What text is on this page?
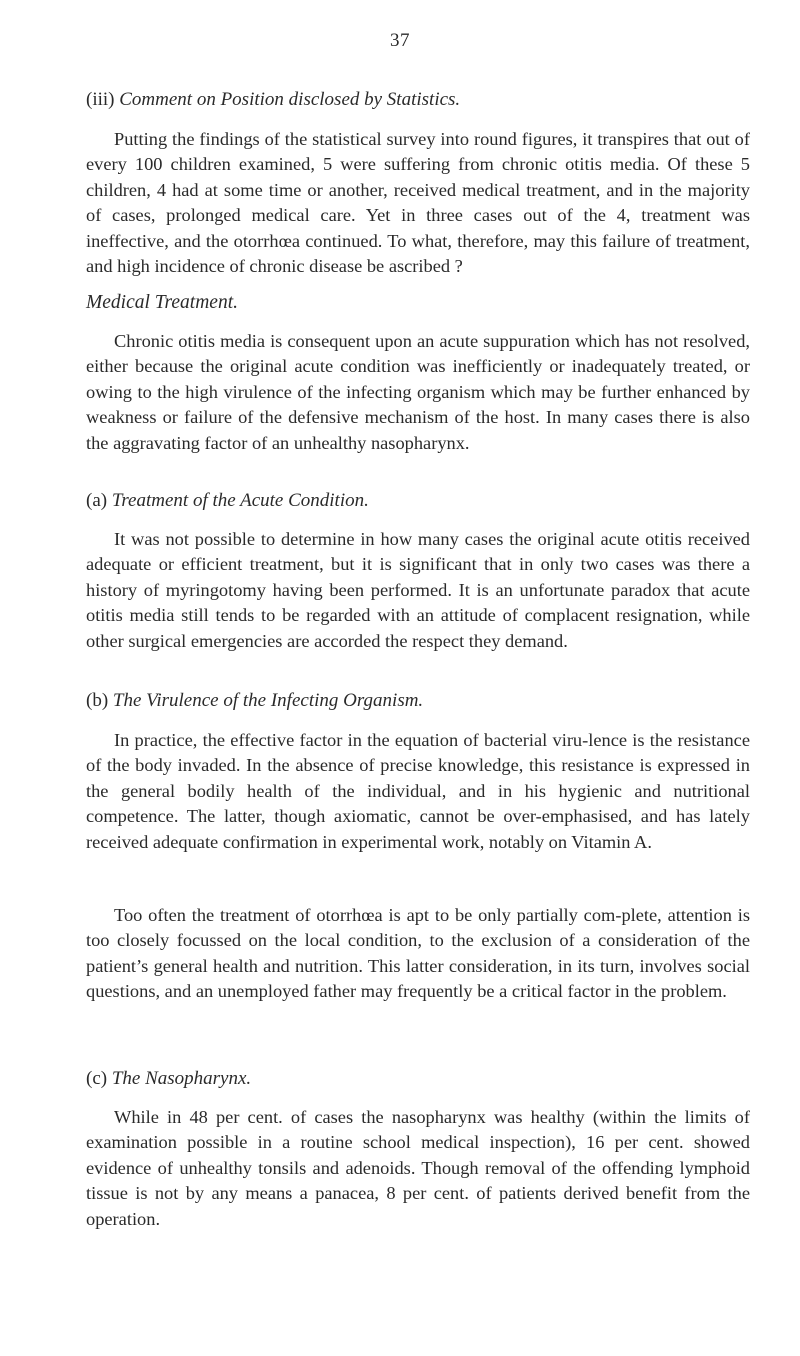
37
(iii) Comment on Position disclosed by Statistics.

Putting the findings of the statistical survey into round figures, it transpires that out of every 100 children examined, 5 were suffering from chronic otitis media. Of these 5 children, 4 had at some time or another, received medical treatment, and in the majority of cases, prolonged medical care. Yet in three cases out of the 4, treatment was ineffective, and the otorrhœa continued. To what, therefore, may this failure of treatment, and high incidence of chronic disease be ascribed ?

Medical Treatment.

Chronic otitis media is consequent upon an acute suppuration which has not resolved, either because the original acute condition was inefficiently or inadequately treated, or owing to the high virulence of the infecting organism which may be further enhanced by weakness or failure of the defensive mechanism of the host. In many cases there is also the aggravating factor of an unhealthy nasopharynx.

(a) Treatment of the Acute Condition.

It was not possible to determine in how many cases the original acute otitis received adequate or efficient treatment, but it is significant that in only two cases was there a history of myringotomy having been performed. It is an unfortunate paradox that acute otitis media still tends to be regarded with an attitude of complacent resignation, while other surgical emergencies are accorded the respect they demand.

(b) The Virulence of the Infecting Organism.

In practice, the effective factor in the equation of bacterial viru-lence is the resistance of the body invaded. In the absence of precise knowledge, this resistance is expressed in the general bodily health of the individual, and in his hygienic and nutritional competence. The latter, though axiomatic, cannot be over-emphasised, and has lately received adequate confirmation in experimental work, notably on Vitamin A.

Too often the treatment of otorrhœa is apt to be only partially com-plete, attention is too closely focussed on the local condition, to the exclusion of a consideration of the patient’s general health and nutrition. This latter consideration, in its turn, involves social questions, and an unemployed father may frequently be a critical factor in the problem.

(c) The Nasopharynx.

While in 48 per cent. of cases the nasopharynx was healthy (within the limits of examination possible in a routine school medical inspection), 16 per cent. showed evidence of unhealthy tonsils and adenoids. Though removal of the offending lymphoid tissue is not by any means a panacea, 8 per cent. of patients derived benefit from the operation.
